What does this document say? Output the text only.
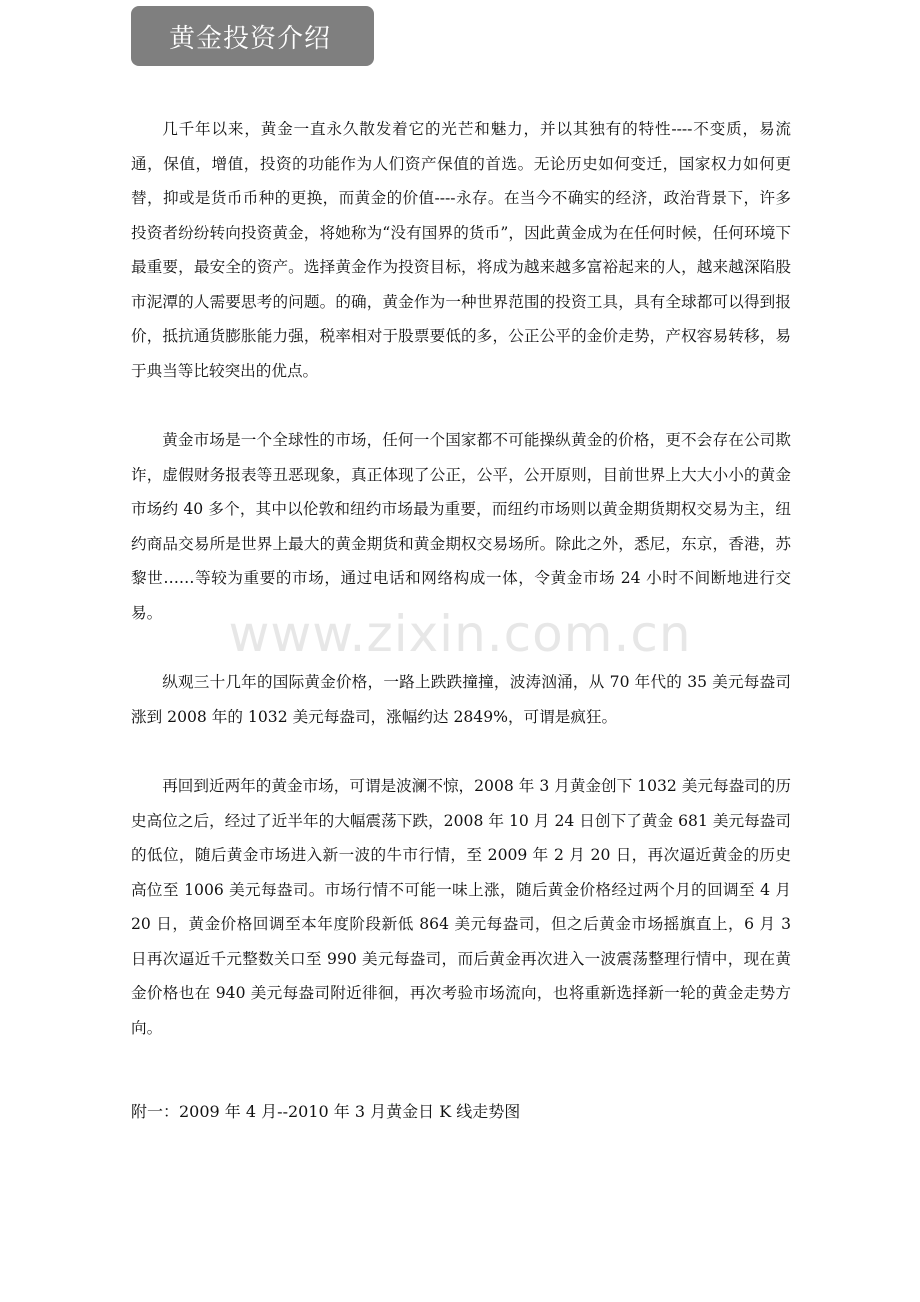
黄金投资介绍

几千年以来，黄金一直永久散发着它的光芒和魅力，并以其独有的特性----不变质，易流通，保值，增值，投资的功能作为人们资产保值的首选。无论历史如何变迁，国家权力如何更替，抑或是货币币种的更换，而黄金的价值----永存。在当今不确实的经济，政治背景下，许多投资者纷纷转向投资黄金，将她称为“没有国界的货币”，因此黄金成为在任何时候，任何环境下最重要，最安全的资产。选择黄金作为投资目标，将成为越来越多富裕起来的人，越来越深陷股市泥潭的人需要思考的问题。的确，黄金作为一种世界范围的投资工具，具有全球都可以得到报价，抵抗通货膨胀能力强，税率相对于股票要低的多，公正公平的金价走势，产权容易转移，易于典当等比较突出的优点。

黄金市场是一个全球性的市场，任何一个国家都不可能操纵黄金的价格，更不会存在公司欺诈，虚假财务报表等丑恶现象，真正体现了公正，公平，公开原则，目前世界上大大小小的黄金市场约 40 多个，其中以伦敦和纽约市场最为重要，而纽约市场则以黄金期货期权交易为主，纽约商品交易所是世界上最大的黄金期货和黄金期权交易场所。除此之外，悉尼，东京，香港，苏黎世……等较为重要的市场，通过电话和网络构成一体，令黄金市场 24 小时不间断地进行交易。

纵观三十几年的国际黄金价格，一路上跌跌撞撞，波涛汹涌，从 70 年代的 35 美元每盎司涨到 2008 年的 1032 美元每盎司，涨幅约达 2849%，可谓是疯狂。

再回到近两年的黄金市场，可谓是波澜不惊，2008 年 3 月黄金创下 1032 美元每盎司的历史高位之后，经过了近半年的大幅震荡下跌，2008 年 10 月 24 日创下了黄金 681 美元每盎司的低位，随后黄金市场进入新一波的牛市行情，至 2009 年 2 月 20 日，再次逼近黄金的历史高位至 1006 美元每盎司。市场行情不可能一味上涨，随后黄金价格经过两个月的回调至 4 月 20 日，黄金价格回调至本年度阶段新低 864 美元每盎司，但之后黄金市场摇旗直上，6 月 3 日再次逼近千元整数关口至 990 美元每盎司，而后黄金再次进入一波震荡整理行情中，现在黄金价格也在 940 美元每盎司附近徘徊，再次考验市场流向，也将重新选择新一轮的黄金走势方向。

www.zixin.com.cn

附一：2009 年 4 月--2010 年 3 月黄金日 K 线走势图
